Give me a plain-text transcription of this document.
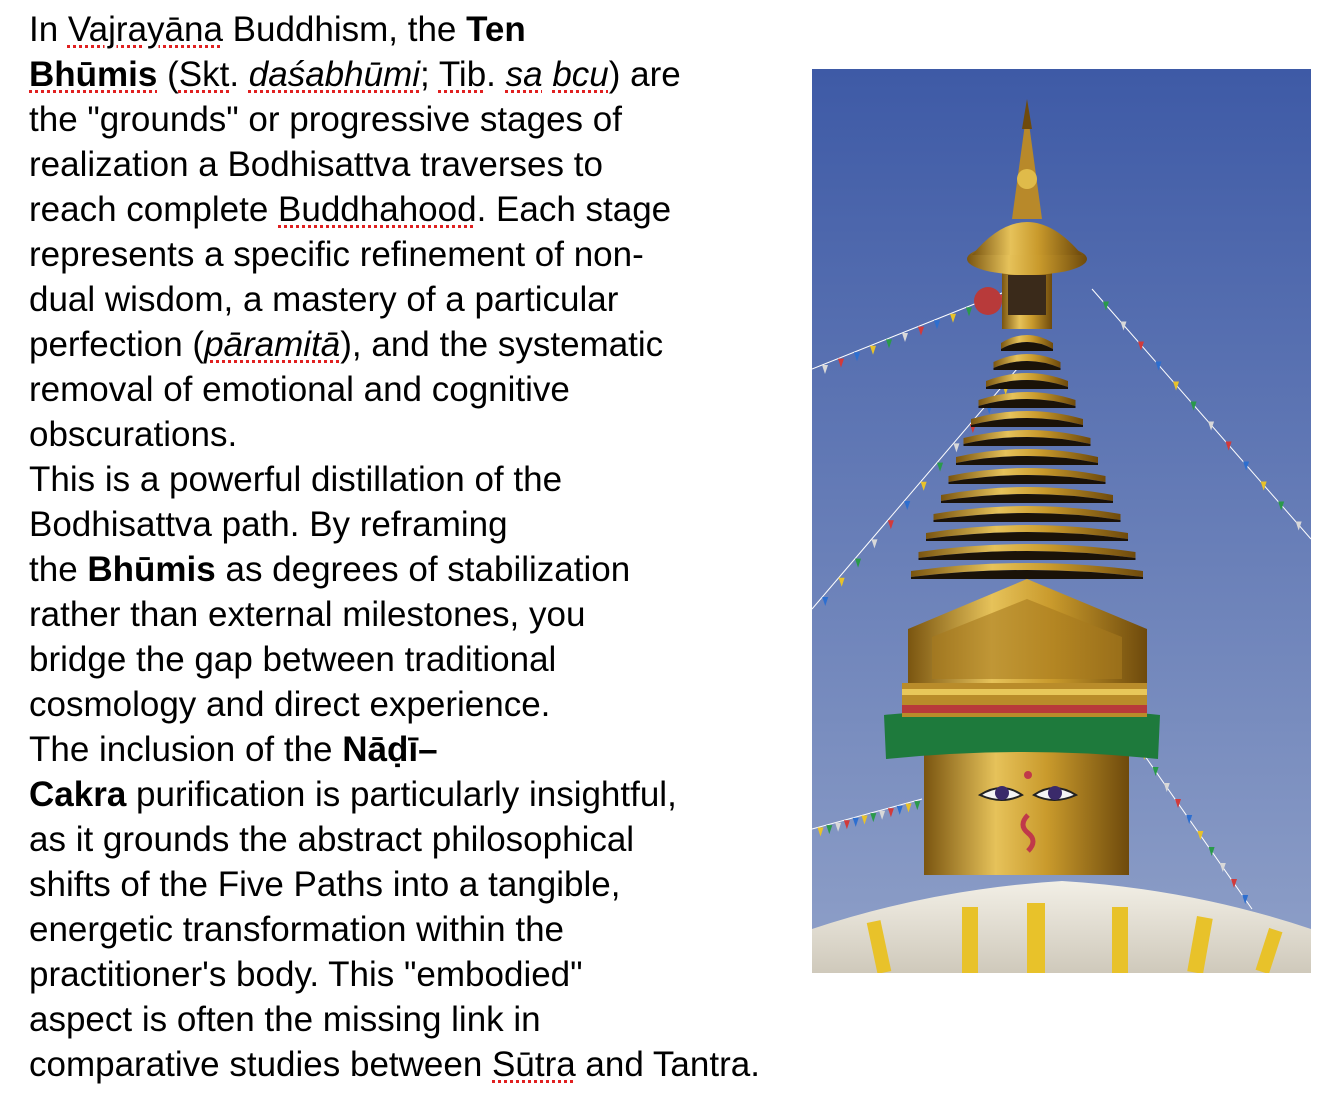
In Vajrayāna Buddhism, the Ten
Bhūmis (Skt. daśabhūmi; Tib. sa bcu) are
the "grounds" or progressive stages of
realization a Bodhisattva traverses to
reach complete Buddhahood. Each stage
represents a specific refinement of non-
dual wisdom, a mastery of a particular
perfection (pāramitā), and the systematic
removal of emotional and cognitive
obscurations.
This is a powerful distillation of the
Bodhisattva path. By reframing
the Bhūmis as degrees of stabilization
rather than external milestones, you
bridge the gap between traditional
cosmology and direct experience.
The inclusion of the Nāḍī–
Cakra purification is particularly insightful,
as it grounds the abstract philosophical
shifts of the Five Paths into a tangible,
energetic transformation within the
practitioner's body. This "embodied"
aspect is often the missing link in
comparative studies between Sūtra and Tantra.
